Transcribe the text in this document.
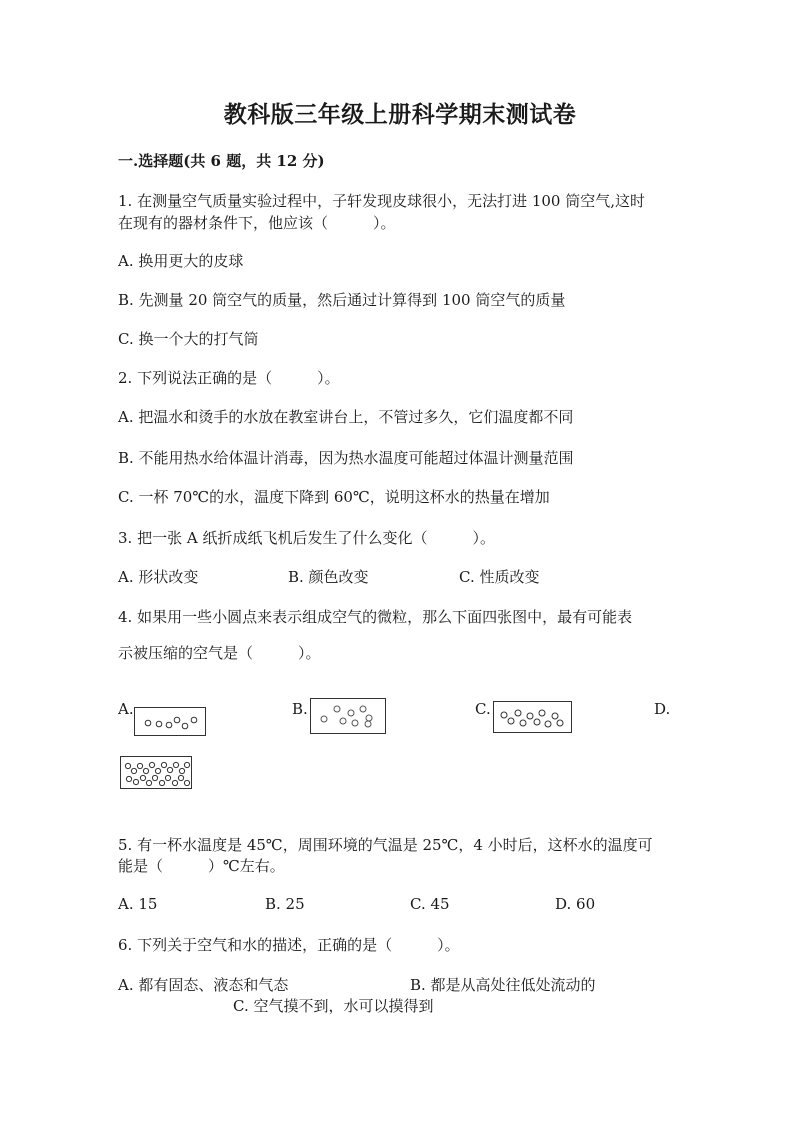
教科版三年级上册科学期末测试卷
一.选择题(共 6 题，共 12 分)
1. 在测量空气质量实验过程中，子轩发现皮球很小，无法打进 100 筒空气,这时
在现有的器材条件下，他应该（　　　）。
A. 换用更大的皮球
B. 先测量 20 筒空气的质量，然后通过计算得到 100 筒空气的质量
C. 换一个大的打气筒
2. 下列说法正确的是（　　　）。
A. 把温水和烫手的水放在教室讲台上，不管过多久，它们温度都不同
B. 不能用热水给体温计消毒，因为热水温度可能超过体温计测量范围
C. 一杯 70℃的水，温度下降到 60℃，说明这杯水的热量在增加
3. 把一张 A 纸折成纸飞机后发生了什么变化（　　　）。
A. 形状改变	B. 颜色改变	C. 性质改变
4. 如果用一些小圆点来表示组成空气的微粒，那么下面四张图中，最有可能表
示被压缩的空气是（　　　）。
A.	B.	C.	D.
5. 有一杯水温度是 45℃，周围环境的气温是 25℃，4 小时后，这杯水的温度可
能是（　　　）℃左右。
A. 15	B. 25	C. 45	D. 60
6. 下列关于空气和水的描述，正确的是（　　　）。
A. 都有固态、液态和气态	B. 都是从高处往低处流动的
C. 空气摸不到，水可以摸得到
